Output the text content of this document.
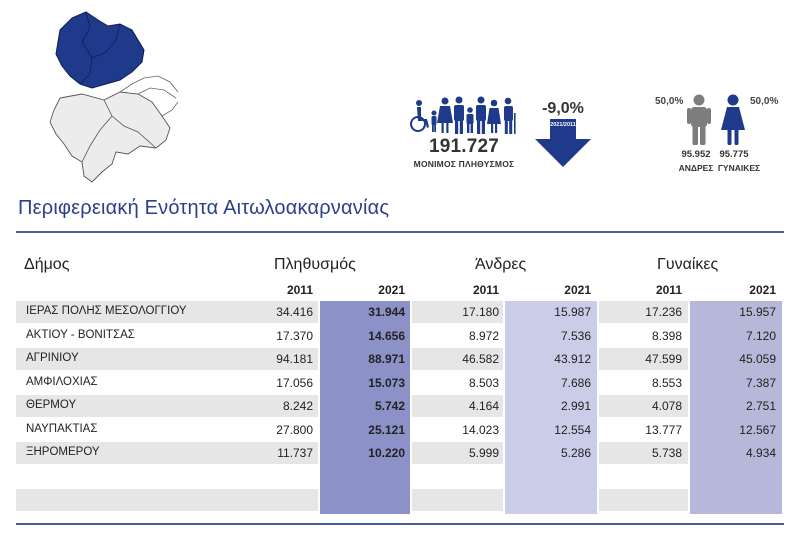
191.727
ΜΟΝΙΜΟΣ ΠΛΗΘΥΣΜΟΣ
-9,0%
2021/2011
50,0%	50,0%
95.952 95.775
ΑΝΔΡΕΣ ΓΥΝΑΙΚΕΣ
Περιφερειακή Ενότητα Αιτωλοακαρνανίας
Δήμος	Πληθυσμός	Άνδρες	Γυναίκες
2011	2021	2011	2021	2011	2021
ΙΕΡΑΣ ΠΟΛΗΣ ΜΕΣΟΛΟΓΓΙΟΥ	34.416	31.944	17.180	15.987	17.236	15.957
ΑΚΤΙΟΥ - ΒΟΝΙΤΣΑΣ	17.370	14.656	8.972	7.536	8.398	7.120
ΑΓΡΙΝΙΟΥ	94.181	88.971	46.582	43.912	47.599	45.059
ΑΜΦΙΛΟΧΙΑΣ	17.056	15.073	8.503	7.686	8.553	7.387
ΘΕΡΜΟΥ	8.242	5.742	4.164	2.991	4.078	2.751
ΝΑΥΠΑΚΤΙΑΣ	27.800	25.121	14.023	12.554	13.777	12.567
ΞΗΡΟΜΕΡΟΥ	11.737	10.220	5.999	5.286	5.738	4.934
